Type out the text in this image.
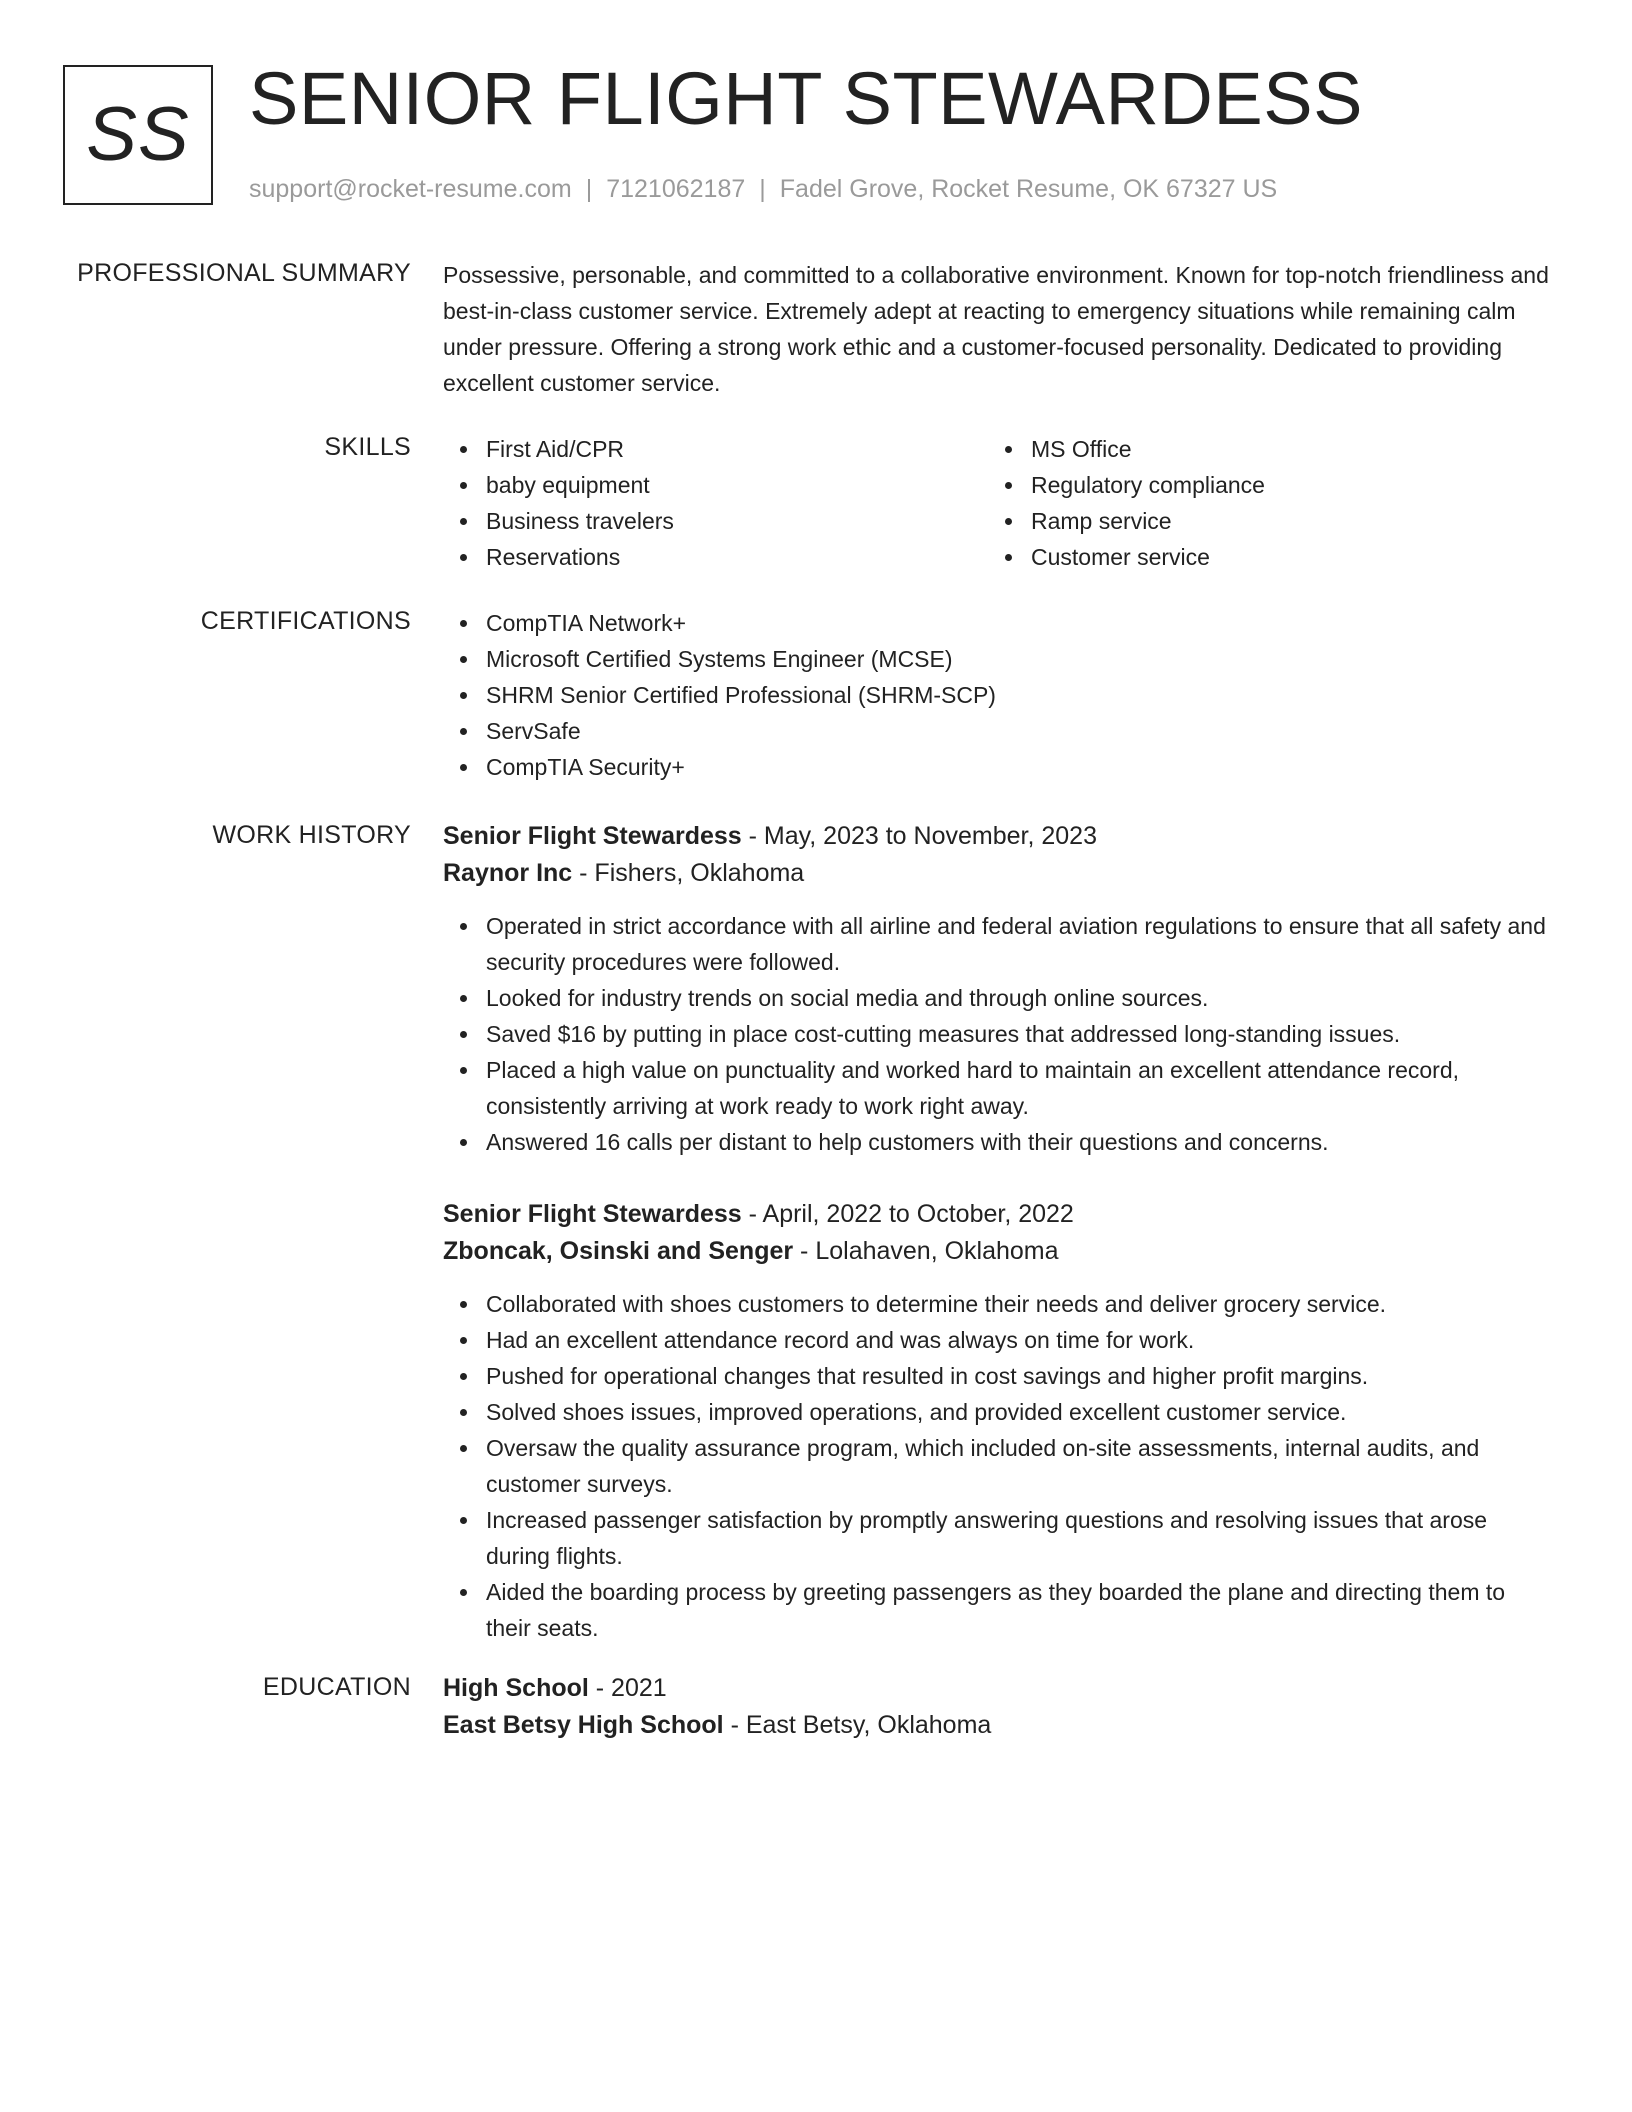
SS SENIOR FLIGHT STEWARDESS
support@rocket-resume.com | 7121062187 | Fadel Grove, Rocket Resume, OK 67327 US
PROFESSIONAL SUMMARY Possessive, personable, and committed to a collaborative environment. Known for top-notch friendliness and best-in-class customer service. Extremely adept at reacting to emergency situations while remaining calm under pressure. Offering a strong work ethic and a customer-focused personality. Dedicated to providing excellent customer service.

SKILLS	First Aid/CPR
baby equipment
Business travelers
Reservations
MS Office
Regulatory compliance
Ramp service
Customer service
CERTIFICATIONS	CompTIA Network+
Microsoft Certified Systems Engineer (MCSE)
SHRM Senior Certified Professional (SHRM-SCP)
ServSafe
CompTIA Security+
WORK HISTORY Senior Flight Stewardess - May, 2023 to November, 2023
Raynor Inc - Fishers, Oklahoma
Operated in strict accordance with all airline and federal aviation regulations to ensure that all safety and security procedures were followed.
Looked for industry trends on social media and through online sources.
Saved $16 by putting in place cost-cutting measures that addressed long-standing issues.
Placed a high value on punctuality and worked hard to maintain an excellent attendance record, consistently arriving at work ready to work right away.
Answered 16 calls per distant to help customers with their questions and concerns.
Senior Flight Stewardess - April, 2022 to October, 2022
Zboncak, Osinski and Senger - Lolahaven, Oklahoma
Collaborated with shoes customers to determine their needs and deliver grocery service.
Had an excellent attendance record and was always on time for work.
Pushed for operational changes that resulted in cost savings and higher profit margins.
Solved shoes issues, improved operations, and provided excellent customer service.
Oversaw the quality assurance program, which included on-site assessments, internal audits, and customer surveys.
Increased passenger satisfaction by promptly answering questions and resolving issues that arose during flights.
Aided the boarding process by greeting passengers as they boarded the plane and directing them to their seats.
EDUCATION High School - 2021
East Betsy High School - East Betsy, Oklahoma
